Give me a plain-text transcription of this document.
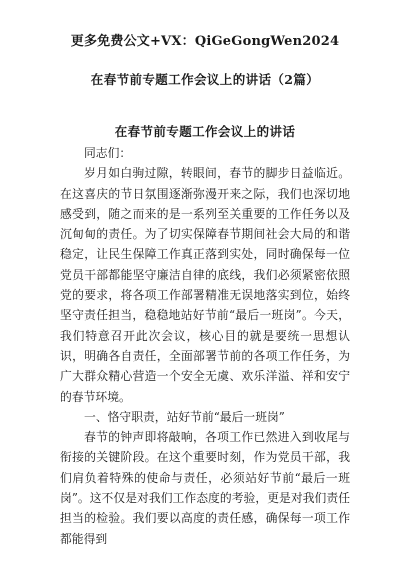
更多免费公文+VX：QiGeGongWen2024
在春节前专题工作会议上的讲话（2篇）
在春节前专题工作会议上的讲话

同志们：

岁月如白驹过隙，转眼间，春节的脚步日益临近。在这喜庆的节日氛围逐渐弥漫开来之际，我们也深切地感受到，随之而来的是一系列至关重要的工作任务以及沉甸甸的责任。为了切实保障春节期间社会大局的和谐稳定，让民生保障工作真正落到实处，同时确保每一位党员干部都能坚守廉洁自律的底线，我们必须紧密依照党的要求，将各项工作部署精准无误地落实到位，始终坚守责任担当，稳稳地站好节前“最后一班岗”。今天，我们特意召开此次会议，核心目的就是要统一思想认识，明确各自责任，全面部署节前的各项工作任务，为广大群众精心营造一个安全无虞、欢乐洋溢、祥和安宁的春节环境。

一、恪守职责，站好节前“最后一班岗”

春节的钟声即将敲响，各项工作已然进入到收尾与衔接的关键阶段。在这个重要时刻，作为党员干部，我们肩负着特殊的使命与责任，必须站好节前“最后一班岗”。这不仅是对我们工作态度的考验，更是对我们责任担当的检验。我们要以高度的责任感，确保每一项工作都能得到
